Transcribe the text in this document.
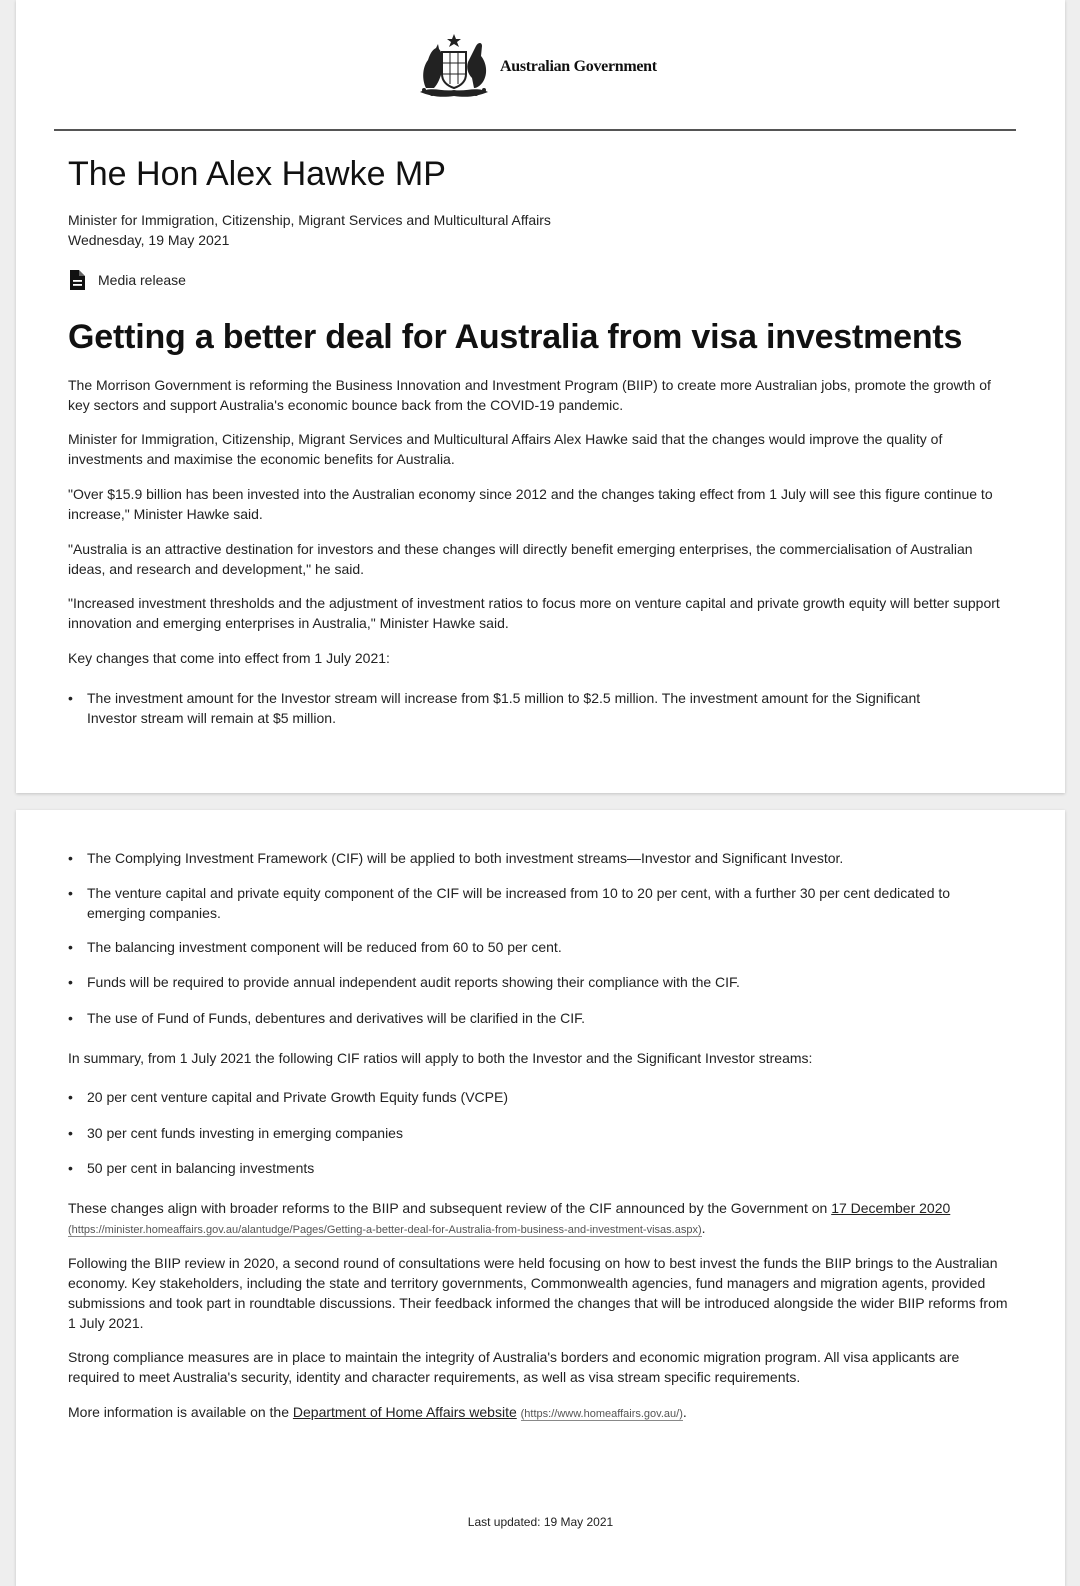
Australian Government
The Hon Alex Hawke MP

Minister for Immigration, Citizenship, Migrant Services and Multicultural Affairs

Wednesday, 19 May 2021

Media release
Getting a better deal for Australia from visa investments

The Morrison Government is reforming the Business Innovation and Investment Program (BIIP) to create more Australian jobs, promote the growth of key sectors and support Australia's economic bounce back from the COVID-19 pandemic.

Minister for Immigration, Citizenship, Migrant Services and Multicultural Affairs Alex Hawke said that the changes would improve the quality of investments and maximise the economic benefits for Australia.

"Over $15.9 billion has been invested into the Australian economy since 2012 and the changes taking effect from 1 July will see this figure continue to increase," Minister Hawke said.

"Australia is an attractive destination for investors and these changes will directly benefit emerging enterprises, the commercialisation of Australian ideas, and research and development," he said.

"Increased investment thresholds and the adjustment of investment ratios to focus more on venture capital and private growth equity will better support innovation and emerging enterprises in Australia," Minister Hawke said.

Key changes that come into effect from 1 July 2021:

•	The investment amount for the Investor stream will increase from $1.5 million to $2.5 million. The investment amount for the Significant Investor stream will remain at $5 million.
•	The Complying Investment Framework (CIF) will be applied to both investment streams—Investor and Significant Investor.
•	The venture capital and private equity component of the CIF will be increased from 10 to 20 per cent, with a further 30 per cent dedicated to emerging companies.
•	The balancing investment component will be reduced from 60 to 50 per cent.
•	Funds will be required to provide annual independent audit reports showing their compliance with the CIF.
•	The use of Fund of Funds, debentures and derivatives will be clarified in the CIF.

In summary, from 1 July 2021 the following CIF ratios will apply to both the Investor and the Significant Investor streams:

•	20 per cent venture capital and Private Growth Equity funds (VCPE)
•	30 per cent funds investing in emerging companies
•	50 per cent in balancing investments

These changes align with broader reforms to the BIIP and subsequent review of the CIF announced by the Government on 17 December 2020
(https://minister.homeaffairs.gov.au/alantudge/Pages/Getting-a-better-deal-for-Australia-from-business-and-investment-visas.aspx).

Following the BIIP review in 2020, a second round of consultations were held focusing on how to best invest the funds the BIIP brings to the Australian economy. Key stakeholders, including the state and territory governments, Commonwealth agencies, fund managers and migration agents, provided submissions and took part in roundtable discussions. Their feedback informed the changes that will be introduced alongside the wider BIIP reforms from 1 July 2021.

Strong compliance measures are in place to maintain the integrity of Australia's borders and economic migration program. All visa applicants are required to meet Australia's security, identity and character requirements, as well as visa stream specific requirements.

More information is available on the Department of Home Affairs website (https://www.homeaffairs.gov.au/).

Last updated: 19 May 2021
